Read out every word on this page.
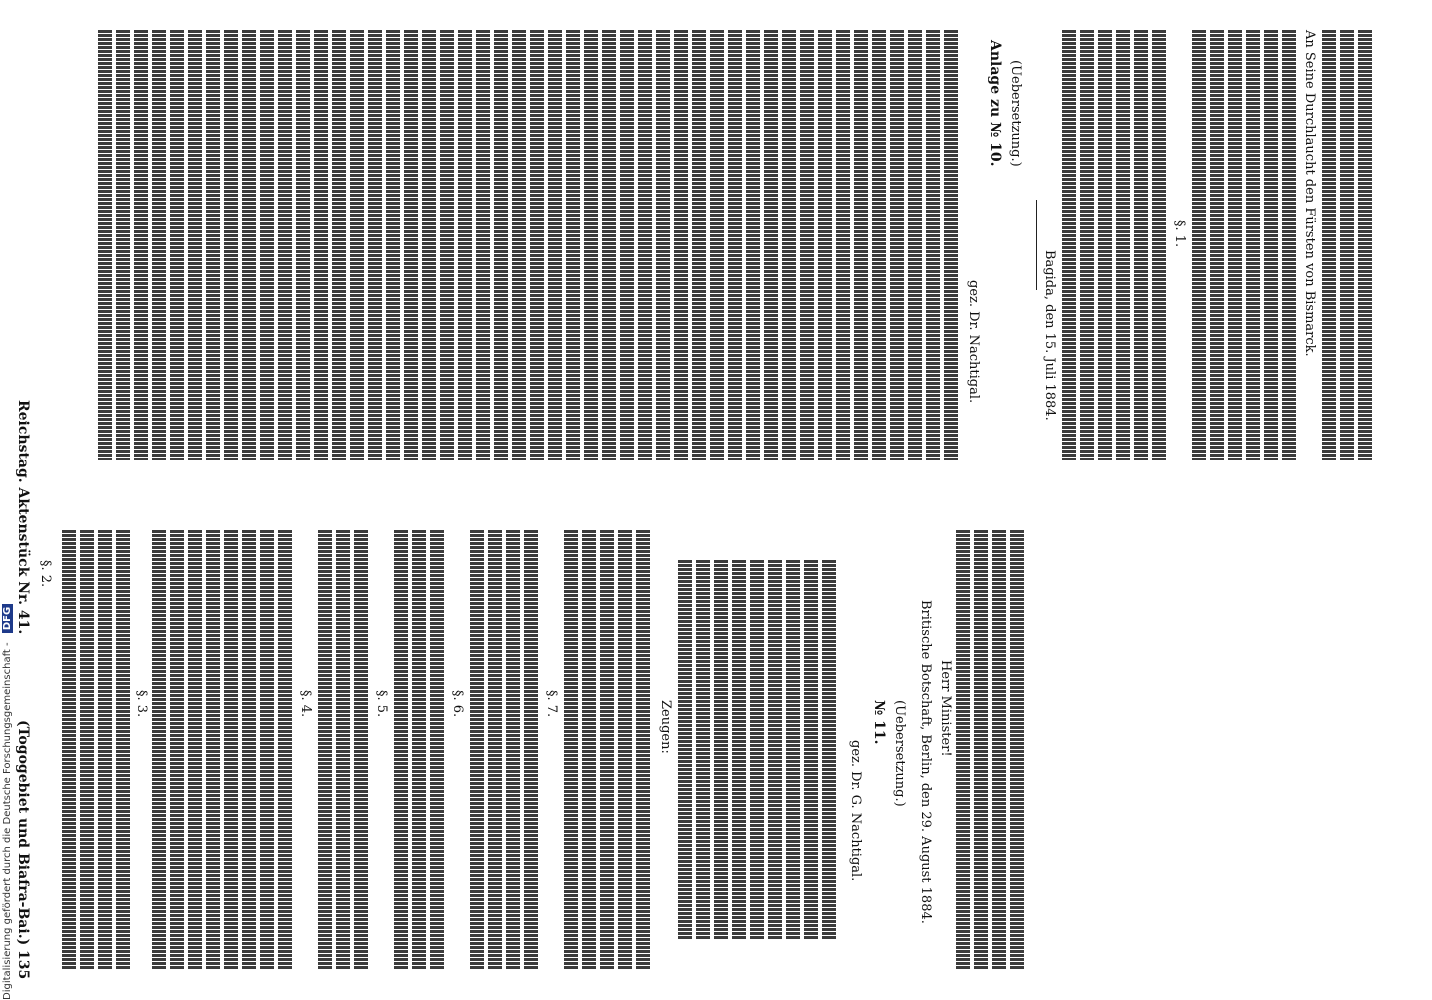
Reichstag. Aktenstück Nr. 41.
(Togogebiet und Biafra-Bai.)
135
§. 2.
§. 3.	§. 4.	§. 5.	§. 6.	§. 7.	Zeugen:
gez. Dr. G. Nachtigal.
№ 11. (Uebersetzung.) Britische Botschaft, Berlin, den 29. August 1884. Herr Minister!
gez. Dr. Nachtigal.
Anlage zu № 10. (Uebersetzung.)
Bagida, den 15. Juli 1884.
§. 1.	An Seine Durchlaucht den Fürsten von Bismarck.
Digitalisierung gefördert durch die Deutsche Forschungsgemeinschaft - DFG
